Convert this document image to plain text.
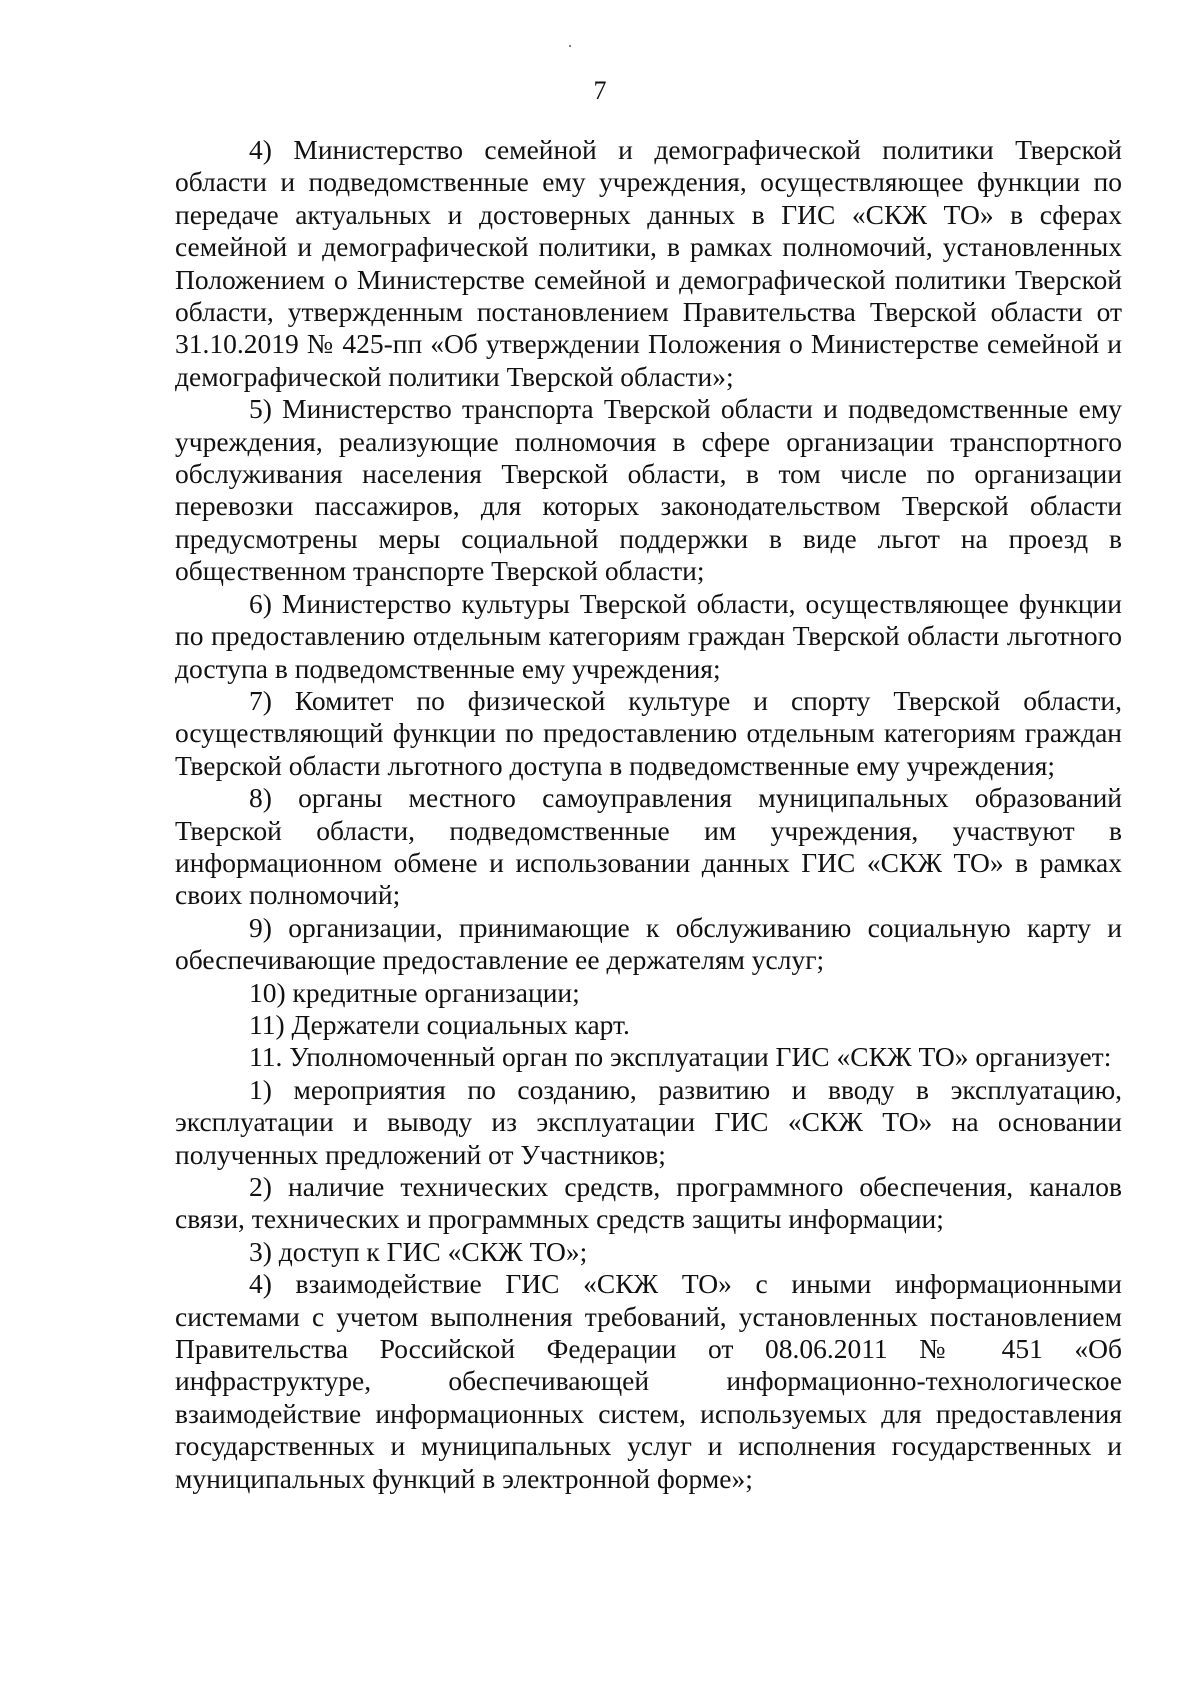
7

4) Министерство семейной и демографической политики Тверской области и подведомственные ему учреждения, осуществляющее функции по передаче актуальных и достоверных данных в ГИС «СКЖ ТО» в сферах семейной и демографической политики, в рамках полномочий, установленных Положением о Министерстве семейной и демографической политики Тверской области, утвержденным постановлением Правительства Тверской области от 31.10.2019 № 425-пп «Об утверждении Положения о Министерстве семейной и демографической политики Тверской области»;

5) Министерство транспорта Тверской области и подведомственные ему учреждения, реализующие полномочия в сфере организации транспортного обслуживания населения Тверской области, в том числе по организации перевозки пассажиров, для которых законодательством Тверской области предусмотрены меры социальной поддержки в виде льгот на проезд в общественном транспорте Тверской области;

6) Министерство культуры Тверской области, осуществляющее функции по предоставлению отдельным категориям граждан Тверской области льготного доступа в подведомственные ему учреждения;

7) Комитет по физической культуре и спорту Тверской области, осуществляющий функции по предоставлению отдельным категориям граждан Тверской области льготного доступа в подведомственные ему учреждения;

8) органы местного самоуправления муниципальных образований Тверской области, подведомственные им учреждения, участвуют в информационном обмене и использовании данных ГИС «СКЖ ТО» в рамках своих полномочий;

9) организации, принимающие к обслуживанию социальную карту и обеспечивающие предоставление ее держателям услуг;

10) кредитные организации;

11) Держатели социальных карт.

11. Уполномоченный орган по эксплуатации ГИС «СКЖ ТО» организует:

1) мероприятия по созданию, развитию и вводу в эксплуатацию, эксплуатации и выводу из эксплуатации ГИС «СКЖ ТО» на основании полученных предложений от Участников;

2) наличие технических средств, программного обеспечения, каналов связи, технических и программных средств защиты информации;

3) доступ к ГИС «СКЖ ТО»;

4) взаимодействие ГИС «СКЖ ТО» с иными информационными системами с учетом выполнения требований, установленных постановлением Правительства Российской Федерации от 08.06.2011 № 451 «Об инфраструктуре, обеспечивающей информационно-технологическое взаимодействие информационных систем, используемых для предоставления государственных и муниципальных услуг и исполнения государственных и муниципальных функций в электронной форме»;
